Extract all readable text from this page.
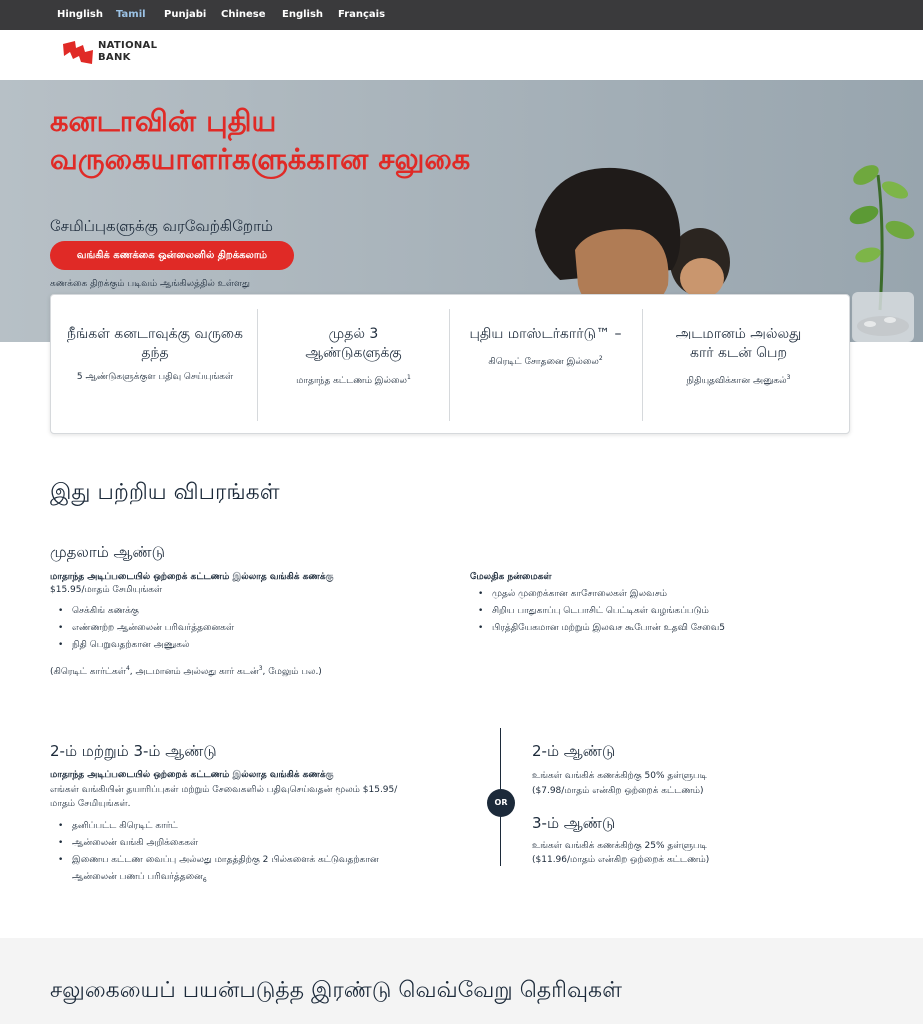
Hinglish Tamil Punjabi Chinese English Français
NATIONAL
BANK
கனடாவின் புதிய வருகையாளர்களுக்கான சலுகை
சேமிப்புகளுக்கு வரவேற்கிறோம்
வங்கிக் கணக்கை ஒன்லைனில் திறக்கலாம்
கணக்கை திறக்கும் படிவம் ஆங்கிலத்தில் உள்ளது
நீங்கள் கனடாவுக்கு வருகை தந்த
5 ஆண்டுகளுக்குள பதிவு செய்யுங்கள்
முதல் 3 ஆண்டுகளுக்கு
மாதாந்த கட்டணம் இல்லை$^1$
புதிய மாஸ்டர்கார்டு™ –
கிரெடிட் சோதனை இல்லை$^2$
அடமானம் அல்லது கார் கடன் பெற
நிதியுதவிக்கான அனுகல்$^3$
இது பற்றிய விபரங்கள்
முதலாம் ஆண்டு
மாதாந்த அடிப்படையில் ஒற்றைக் கட்டணம் இல்லாத வங்கிக் கணக்கு
$15.95/மாதம் சேமியுங்கள்
• செக்கிங் கணக்கு
• எண்ணற்ற ஆன்லைன் பரிவர்த்தனைகள்
• நிதி பெறுவதற்கான அணுகல்
(கிரெடிட் கார்ட்கள்$^4$, அடமானம் அல்லது கார் கடன்$^3$, மேலும் பல.)
மேலதிக நன்மைகள்
• முதல் முறைக்கான காசோலைகள் இலவசம்
• சிறிய பாதுகாப்பு டெபாசிட் பெட்டிகள் வழங்கப்படும்
• பிரத்தியேகமான மற்றும் இலவச கூபோன் உதவி சேவை5
2-ம் மற்றும் 3-ம் ஆண்டு
மாதாந்த அடிப்படையில் ஒற்றைக் கட்டணம் இல்லாத வங்கிக் கணக்கு
எங்கள் வங்கியின் தயாரிப்புகள் மற்றும் சேவைகளில் பதிவுசெய்வதன் மூலம் $15.95/மாதம் சேமியுங்கள்.
• தனிப்பட்ட கிரெடிட் கார்ட்
• ஆன்லைன் வங்கி அறிக்கைகள்
• இணைய கட்டண வைப்பு அல்லது மாதத்திற்கு 2 பில்களைக் கட்டுவதற்கான ஆன்லைன் பணப் $பரிவர்த்தனை_6$
OR
2-ம் ஆண்டு
உங்கள் வங்கிக் கணக்கிற்கு 50% தள்ளுபடி
($7.98/மாதம் என்கிற ஒற்றைக் கட்டணம்)
3-ம் ஆண்டு
உங்கள் வங்கிக் கணக்கிற்கு 25% தள்ளுபடி
($11.96/மாதம் என்கிற ஒற்றைக் கட்டணம்)
சலுகையைப் பயன்படுத்த இரண்டு வெவ்வேறு தெரிவுகள்
